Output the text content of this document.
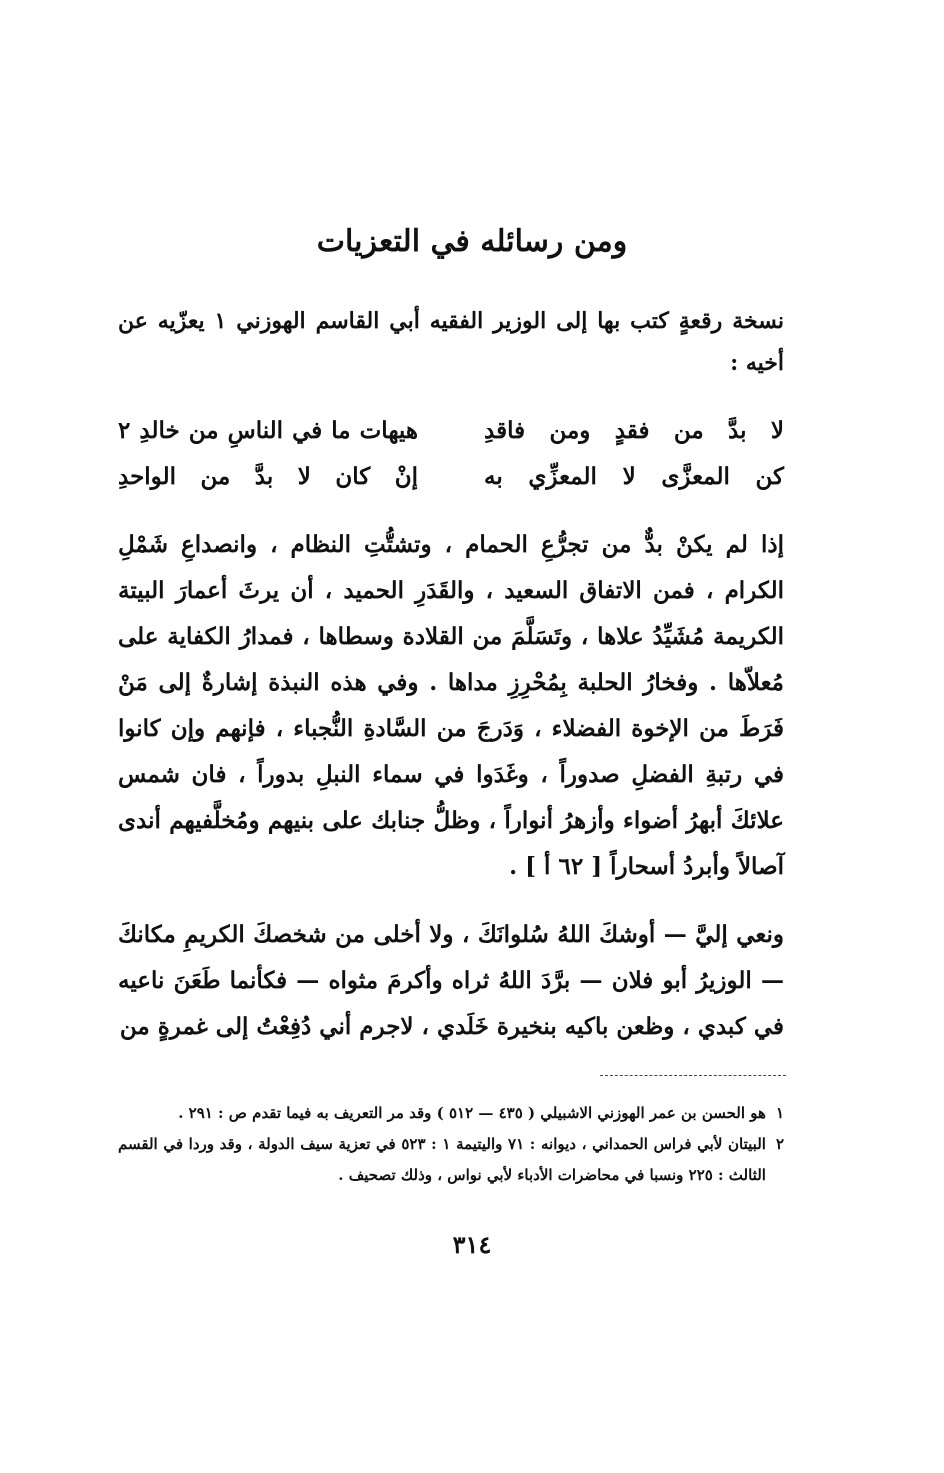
ومن رسائله في التعزيات
نسخة رقعةٍ كتب بها إلى الوزير الفقيه أبي القاسم الهوزني ١ يعزّيه عن أخيه :
لا بدَّ من فقدٍ ومن فاقدِ
هيهات ما في الناسِ من خالدِ ٢
كن المعزَّى لا المعزِّي به
إنْ كان لا بدَّ من الواحدِ
إذا لم يكنْ بدٌّ من تجرُّعِ الحمام ، وتشتُّتِ النظام ، وانصداعِ شَمْلِ الكرام ، فمن الاتفاق السعيد ، والقَدَرِ الحميد ، أن يرثَ أعمارَ البيتة الكريمة مُشَيِّدُ علاها ، وتَسَلَّمَ من القلادة وسطاها ، فمدارُ الكفاية على مُعلاّها . وفخارُ الحلبة بِمُحْرِزِ مداها . وفي هذه النبذة إشارةٌ إلى مَنْ فَرَطَ من الإخوة الفضلاء ، وَدَرجَ من السَّادةِ النُّجباء ، فإنهم وإن كانوا في رتبةِ الفضلِ صدوراً ، وغَدَوا في سماء النبلِ بدوراً ، فان شمس علائكَ أبهرُ أضواء وأزهرُ أنواراً ، وظلُّ جنابك على بنيهم ومُخلَّفيهم أندى آصالاً وأبردُ أسحاراً [ ٦٢ أ ] .
ونعي إليَّ — أوشكَ اللهُ سُلوانَكَ ، ولا أخلى من شخصكَ الكريمِ مكانكَ — الوزيرُ أبو فلان — برَّدَ اللهُ ثراه وأكرمَ مثواه — فكأنما طَعَنَ ناعيه في كبدي ، وظعن باكيه بنخيرة خَلَدي ، لاجرم أني دُفِعْتُ إلى غمرةٍ من
١
هو الحسن بن عمر الهوزني الاشبيلي ( ٤٣٥ — ٥١٢ ) وقد مر التعريف به فيما تقدم ص : ٢٩١ .
٢
البيتان لأبي فراس الحمداني ، ديوانه : ٧١ واليتيمة ١ : ٥٢٣ في تعزية سيف الدولة ، وقد وردا في القسم الثالث : ٢٢٥ ونسبا في محاضرات الأدباء لأبي نواس ، وذلك تصحيف .
٣١٤
